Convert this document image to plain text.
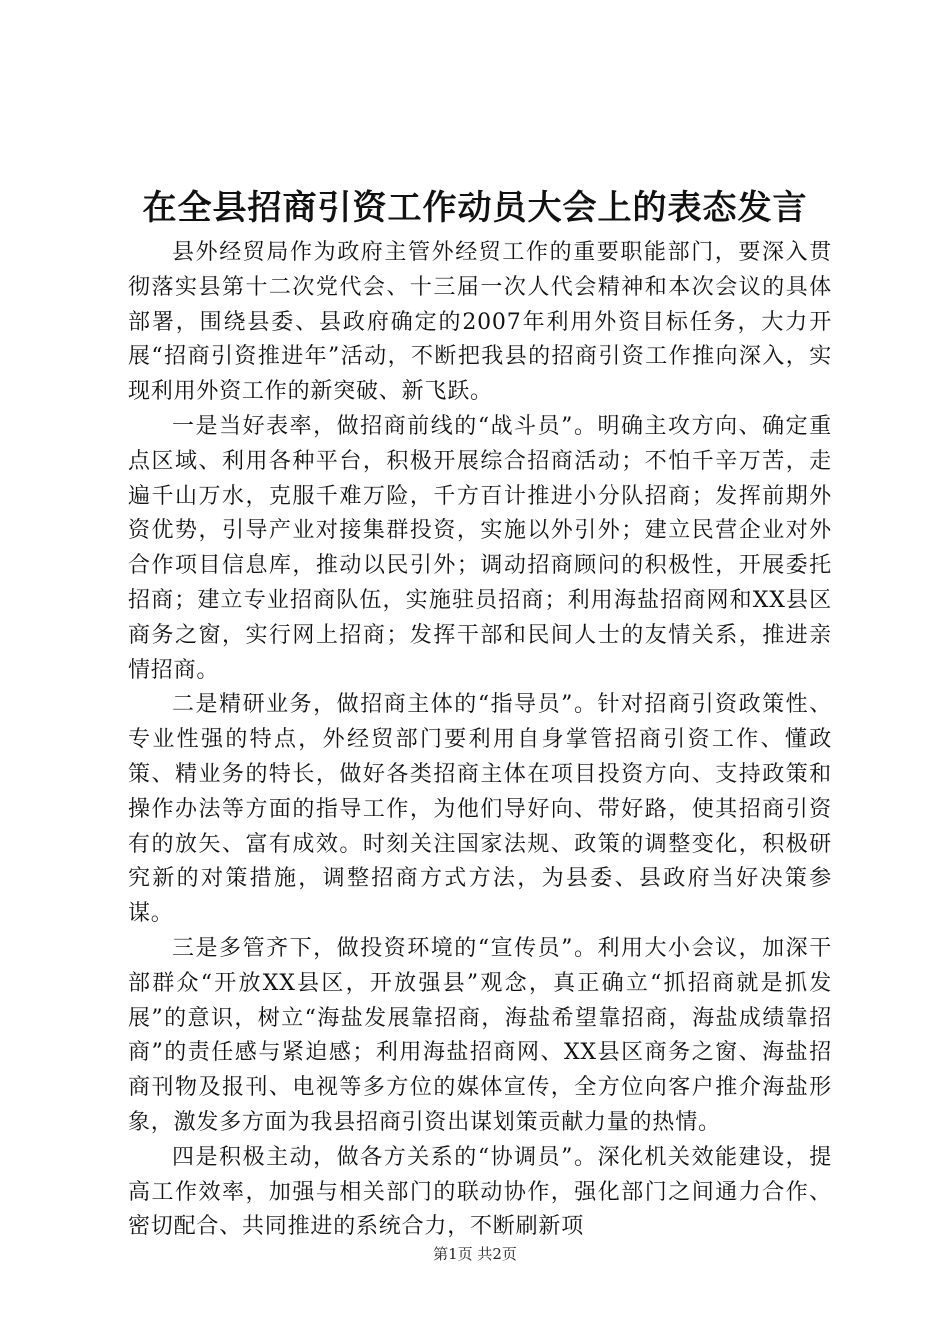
在全县招商引资工作动员大会上的表态发言

县外经贸局作为政府主管外经贸工作的重要职能部门，要深入贯彻落实县第十二次党代会、十三届一次人代会精神和本次会议的具体部署，围绕县委、县政府确定的2007年利用外资目标任务，大力开展“招商引资推进年”活动，不断把我县的招商引资工作推向深入，实现利用外资工作的新突破、新飞跃。

一是当好表率，做招商前线的“战斗员”。明确主攻方向、确定重点区域、利用各种平台，积极开展综合招商活动；不怕千辛万苦，走遍千山万水，克服千难万险，千方百计推进小分队招商；发挥前期外资优势，引导产业对接集群投资，实施以外引外；建立民营企业对外合作项目信息库，推动以民引外；调动招商顾问的积极性，开展委托招商；建立专业招商队伍，实施驻员招商；利用海盐招商网和XX县区商务之窗，实行网上招商；发挥干部和民间人士的友情关系，推进亲情招商。

二是精研业务，做招商主体的“指导员”。针对招商引资政策性、专业性强的特点，外经贸部门要利用自身掌管招商引资工作、懂政策、精业务的特长，做好各类招商主体在项目投资方向、支持政策和操作办法等方面的指导工作，为他们导好向、带好路，使其招商引资有的放矢、富有成效。时刻关注国家法规、政策的调整变化，积极研究新的对策措施，调整招商方式方法，为县委、县政府当好决策参谋。

三是多管齐下，做投资环境的“宣传员”。利用大小会议，加深干部群众“开放XX县区，开放强县”观念，真正确立“抓招商就是抓发展”的意识，树立“海盐发展靠招商，海盐希望靠招商，海盐成绩靠招商”的责任感与紧迫感；利用海盐招商网、XX县区商务之窗、海盐招商刊物及报刊、电视等多方位的媒体宣传，全方位向客户推介海盐形象，激发多方面为我县招商引资出谋划策贡献力量的热情。

四是积极主动，做各方关系的“协调员”。深化机关效能建设，提高工作效率，加强与相关部门的联动协作，强化部门之间通力合作、密切配合、共同推进的系统合力，不断刷新项

第1页 共2页
